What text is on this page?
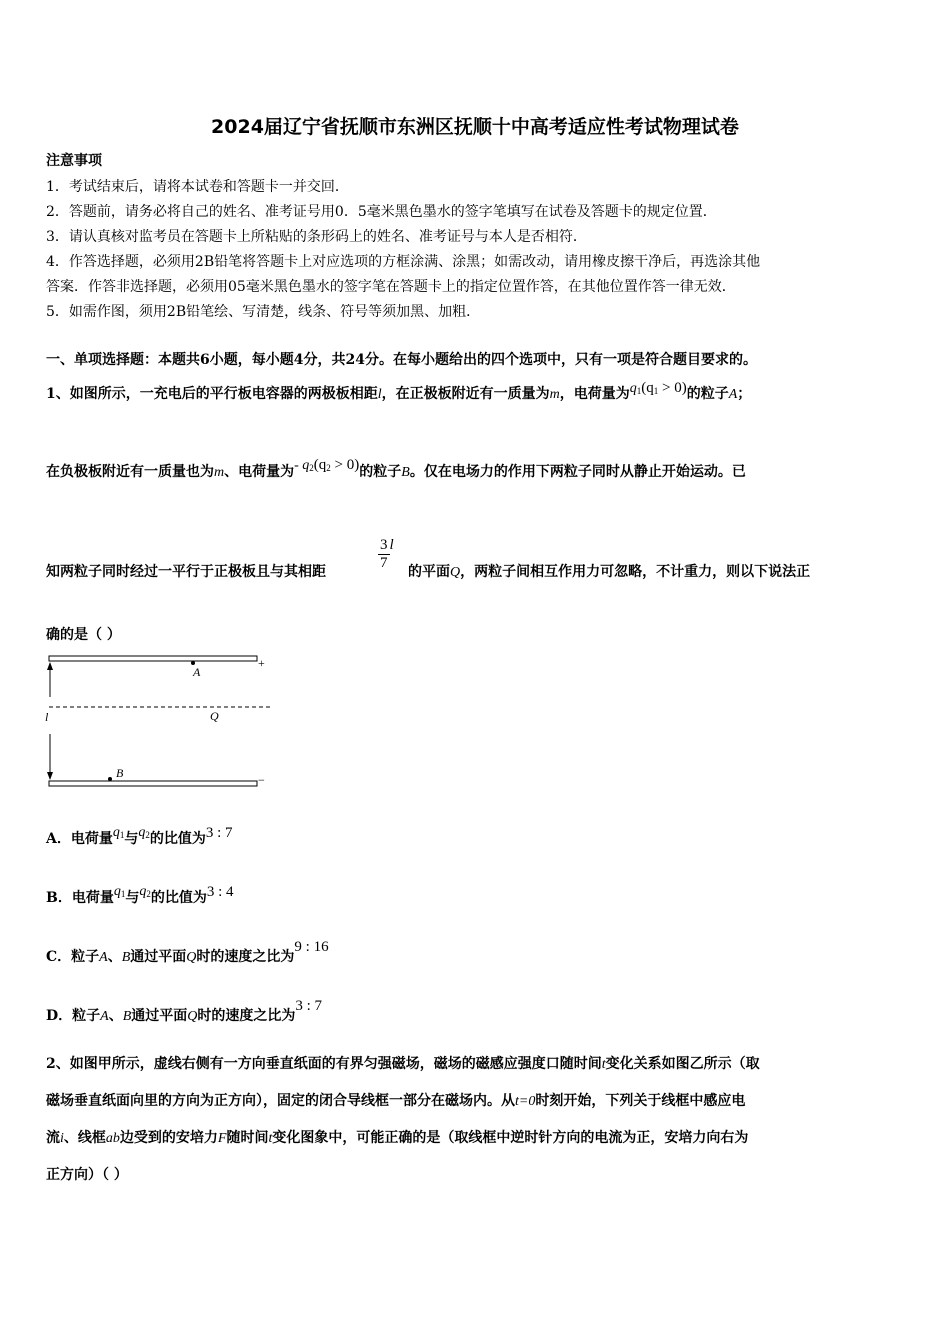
2024届辽宁省抚顺市东洲区抚顺十中高考适应性考试物理试卷
注意事项
1．考试结束后，请将本试卷和答题卡一并交回．
2．答题前，请务必将自己的姓名、准考证号用0．5毫米黑色墨水的签字笔填写在试卷及答题卡的规定位置．
3．请认真核对监考员在答题卡上所粘贴的条形码上的姓名、准考证号与本人是否相符．
4．作答选择题，必须用2B铅笔将答题卡上对应选项的方框涂满、涂黑；如需改动，请用橡皮擦干净后，再选涂其他
答案．作答非选择题，必须用05毫米黑色墨水的签字笔在答题卡上的指定位置作答，在其他位置作答一律无效．
5．如需作图，须用2B铅笔绘、写清楚，线条、符号等须加黑、加粗．
一、单项选择题：本题共6小题，每小题4分，共24分。在每小题给出的四个选项中，只有一项是符合题目要求的。
1、如图所示，一充电后的平行板电容器的两极板相距l，在正极板附近有一质量为m，电荷量为$q^1(q^1 > 0)$的粒子A；
在负极板附近有一质量也为m、电荷量为- $q^2(q^2 > 0)$的粒子B。仅在电场力的作用下两粒子同时从静止开始运动。已
知两粒子同时经过一平行于正极板且与其相距	$\frac{3}{7}$ l
的平面Q，两粒子间相互作用力可忽略，不计重力，则以下说法正
确的是（ ）
+
−
l	Q
A
B
A．电荷量$q^1$与$q^2$的比值为3 : 7
B．电荷量$q^1$与$q^2$的比值为3 : 4
C．粒子A、B通过平面Q时的速度之比为9 : 16
D．粒子A、B通过平面Q时的速度之比为3 : 7
2、如图甲所示，虚线右侧有一方向垂直纸面的有界匀强磁场，磁场的磁感应强度口随时间t变化关系如图乙所示（取
磁场垂直纸面向里的方向为正方向），固定的闭合导线框一部分在磁场内。从t=0时刻开始，下列关于线框中感应电
流i、线框ab边受到的安培力F随时间t变化图象中，可能正确的是（取线框中逆时针方向的电流为正，安培力向右为
正方向）（ ）
